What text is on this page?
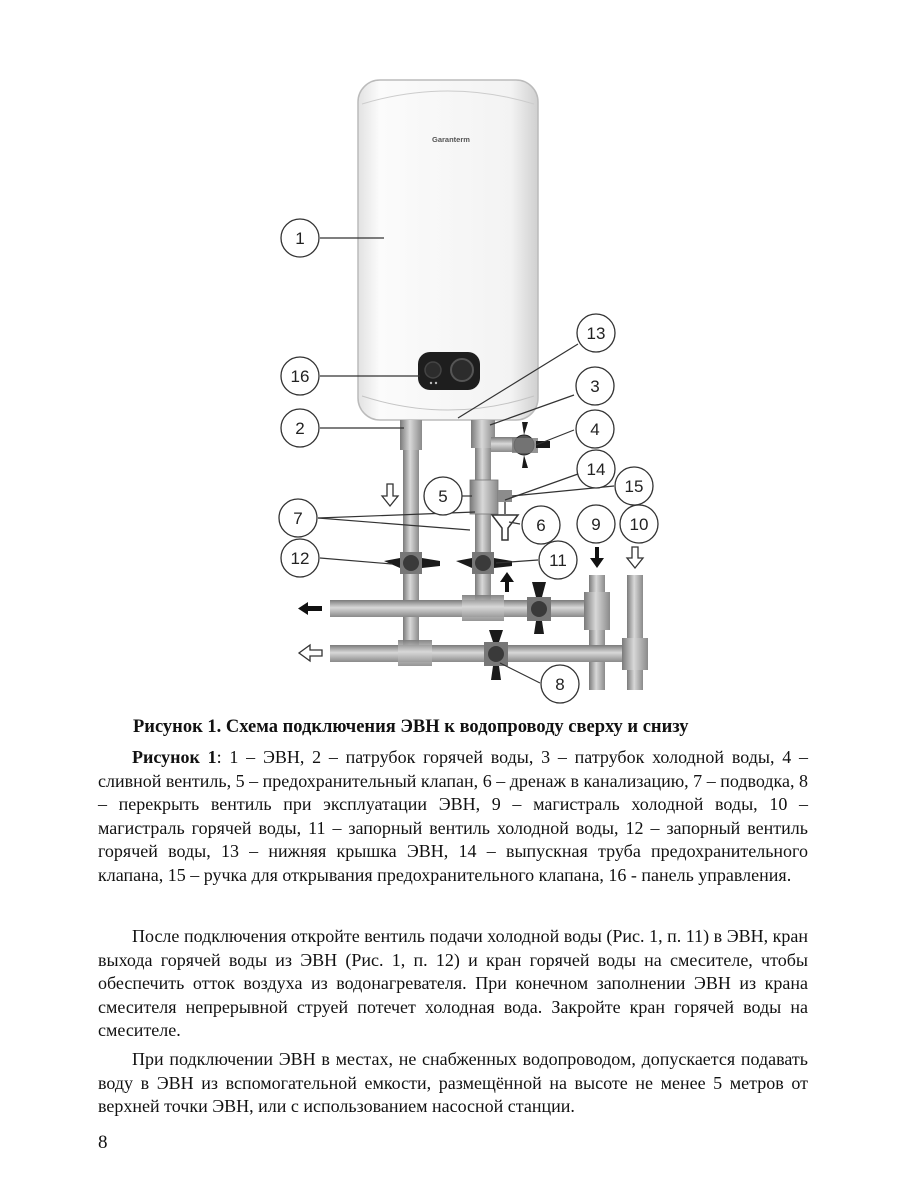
Garanterm
1
16
2
13
3
4
14
5
15
6
7	9 10
12	11
8
Рисунок 1. Схема подключения ЭВН к водопроводу сверху и снизу

Рисунок 1: 1 – ЭВН, 2 – патрубок горячей воды, 3 – патрубок холодной воды, 4 – сливной вентиль, 5 – предохранительный клапан, 6 – дренаж в канализацию, 7 – подводка, 8 – перекрыть вентиль при эксплуатации ЭВН, 9 – магистраль холодной воды, 10 – магистраль горячей воды, 11 – запорный вентиль холодной воды, 12 – запорный вентиль горячей воды, 13 – нижняя крышка ЭВН, 14 – выпускная труба предохранительного клапана, 15 – ручка для открывания предохранительного клапана, 16 - панель управления.

После подключения откройте вентиль подачи холодной воды (Рис. 1, п. 11) в ЭВН, кран выхода горячей воды из ЭВН (Рис. 1, п. 12) и кран горячей воды на смесителе, чтобы обеспечить отток воздуха из водонагревателя. При конечном заполнении ЭВН из крана смесителя непрерывной струей потечет холодная вода. Закройте кран горячей воды на смесителе.

При подключении ЭВН в местах, не снабженных водопроводом, допускается подавать воду в ЭВН из вспомогательной емкости, размещённой на высоте не менее 5 метров от верхней точки ЭВН, или с использованием насосной станции.

8
